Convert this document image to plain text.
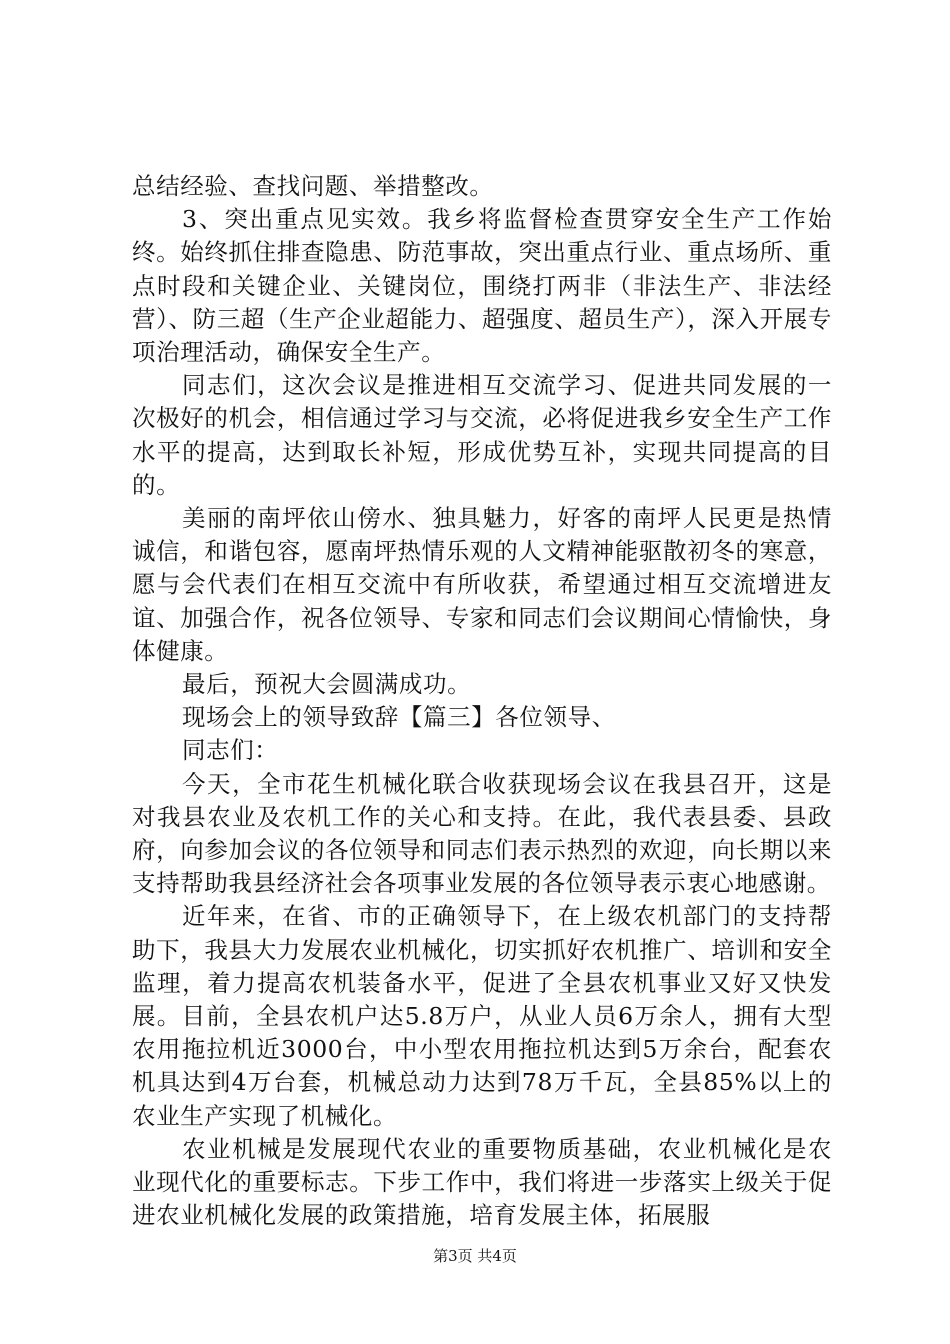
总结经验、查找问题、举措整改。

3、突出重点见实效。我乡将监督检查贯穿安全生产工作始终。始终抓住排查隐患、防范事故，突出重点行业、重点场所、重点时段和关键企业、关键岗位，围绕打两非（非法生产、非法经营）、防三超（生产企业超能力、超强度、超员生产），深入开展专项治理活动，确保安全生产。

同志们，这次会议是推进相互交流学习、促进共同发展的一次极好的机会，相信通过学习与交流，必将促进我乡安全生产工作水平的提高，达到取长补短，形成优势互补，实现共同提高的目的。

美丽的南坪依山傍水、独具魅力，好客的南坪人民更是热情诚信，和谐包容，愿南坪热情乐观的人文精神能驱散初冬的寒意，愿与会代表们在相互交流中有所收获，希望通过相互交流增进友谊、加强合作，祝各位领导、专家和同志们会议期间心情愉快，身体健康。

最后，预祝大会圆满成功。

现场会上的领导致辞【篇三】各位领导、

同志们：

今天，全市花生机械化联合收获现场会议在我县召开，这是对我县农业及农机工作的关心和支持。在此，我代表县委、县政府，向参加会议的各位领导和同志们表示热烈的欢迎，向长期以来支持帮助我县经济社会各项事业发展的各位领导表示衷心地感谢。

近年来，在省、市的正确领导下，在上级农机部门的支持帮助下，我县大力发展农业机械化，切实抓好农机推广、培训和安全监理，着力提高农机装备水平，促进了全县农机事业又好又快发展。目前，全县农机户达5.8万户，从业人员6万余人，拥有大型农用拖拉机近3000台，中小型农用拖拉机达到5万余台，配套农机具达到4万台套，机械总动力达到78万千瓦，全县85%以上的农业生产实现了机械化。

农业机械是发展现代农业的重要物质基础，农业机械化是农业现代化的重要标志。下步工作中，我们将进一步落实上级关于促进农业机械化发展的政策措施，培育发展主体，拓展服

第3页 共4页
